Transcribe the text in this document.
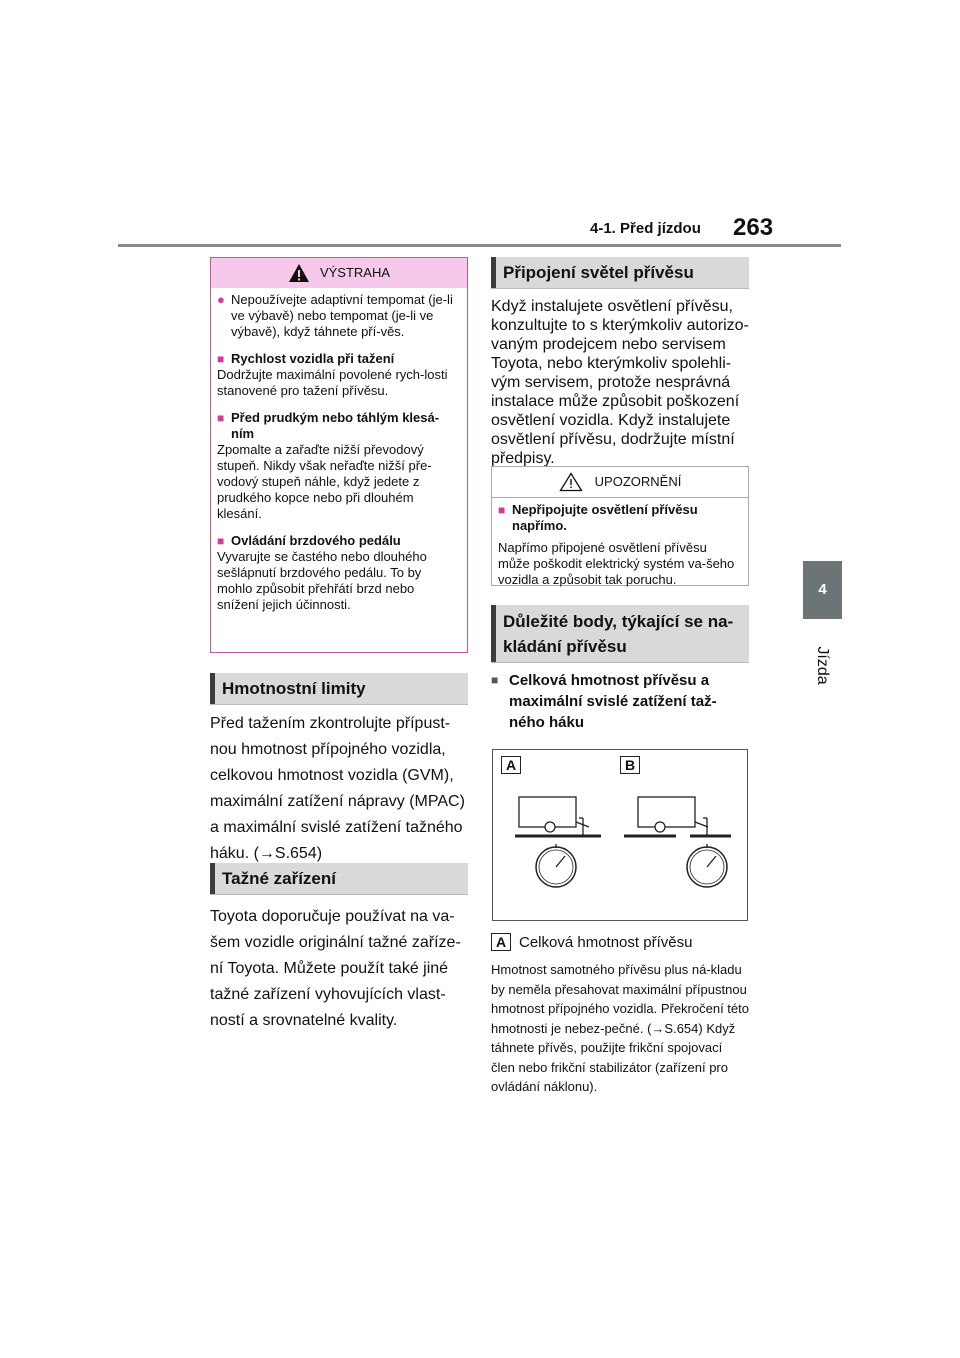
4-1. Před jízdou 263
4
Jízda
VÝSTRAHA
● Nepoužívejte adaptivní tempomat (je-li ve výbavě) nebo tempomat (je-li ve výbavě), když táhnete pří-věs.

■ Rychlost vozidla při tažení

Dodržujte maximální povolené rych-losti stanovené pro tažení přívěsu.

■ Před prudkým nebo táhlým klesá-ním

Zpomalte a zařaďte nižší převodový stupeň. Nikdy však neřaďte nižší pře-vodový stupeň náhle, když jedete z prudkého kopce nebo při dlouhém klesání.

■ Ovládání brzdového pedálu

Vyvarujte se častého nebo dlouhého sešlápnutí brzdového pedálu. To by mohlo způsobit přehřátí brzd nebo snížení jejich účinnosti.

Hmotnostní limity
Před tažením zkontrolujte přípust-nou hmotnost přípojného vozidla, celkovou hmotnost vozidla (GVM), maximální zatížení nápravy (MPAC) a maximální svislé zatížení tažného háku. (→S.654)
Tažné zařízení
Toyota doporučuje používat na va-šem vozidle originální tažné zaříze-ní Toyota. Můžete použít také jiné tažné zařízení vyhovujících vlast-ností a srovnatelné kvality.
Připojení světel přívěsu
Když instalujete osvětlení přívěsu, konzultujte to s kterýmkoliv autorizo-vaným prodejcem nebo servisem Toyota, nebo kterýmkoliv spolehli-vým servisem, protože nesprávná instalace může způsobit poškození osvětlení vozidla. Když instalujete osvětlení přívěsu, dodržujte místní předpisy.
UPOZORNĚNÍ
■ Nepřipojujte osvětlení přívěsu napřímo.

Napřímo připojené osvětlení přívěsu může poškodit elektrický systém va-šeho vozidla a způsobit tak poruchu.

Důležité body, týkající se na-kládání přívěsu
■ Celková hmotnost přívěsu a maximální svislé zatížení taž-ného háku
A	B
A Celková hmotnost přívěsu
Hmotnost samotného přívěsu plus ná-kladu by neměla přesahovat maximální přípustnou hmotnost přípojného vozidla. Překročení této hmotnosti je nebez-pečné. (→S.654) Když táhnete přívěs, použijte frikční spojovací člen nebo frikční stabilizátor (zařízení pro ovládání náklonu).
